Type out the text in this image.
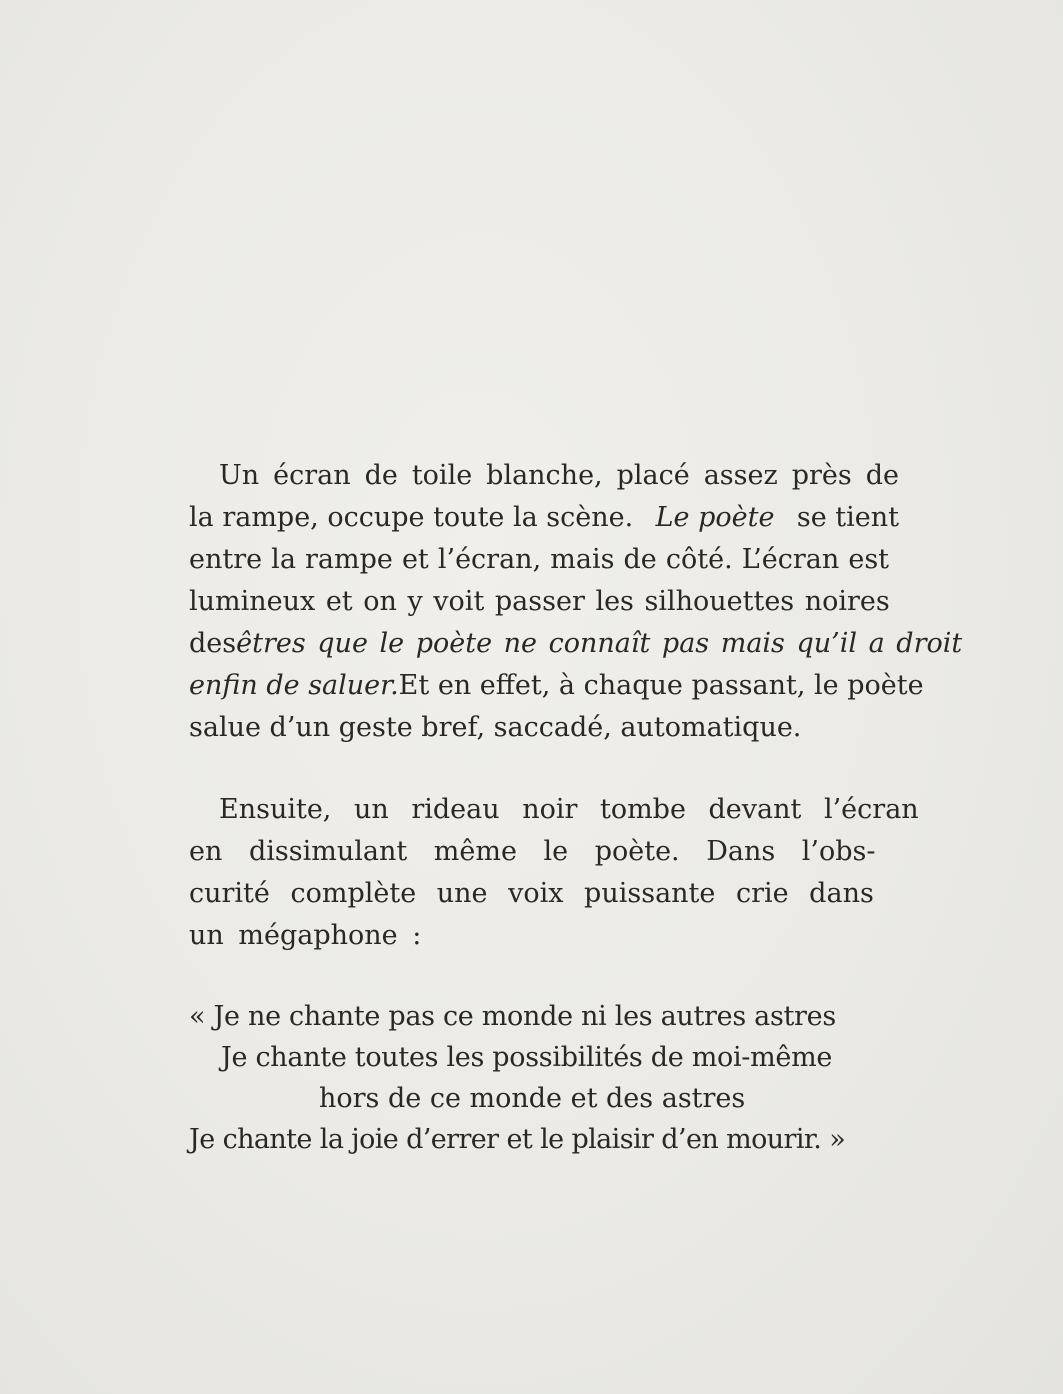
Un écran de toile blanche, placé assez près de
la rampe, occupe toute la scène. Le poète se tient
entre la rampe et l’écran, mais de côté. L’écran est
lumineux et on y voit passer les silhouettes noires
des êtres que le poète ne connaît pas mais qu’il a droit
enfin de saluer. Et en effet, à chaque passant, le poète
salue d’un geste bref, saccadé, automatique.
Ensuite, un rideau noir tombe devant l’écran
en dissimulant même le poète. Dans l’obs-
curité complète une voix puissante crie dans
un mégaphone :
« Je ne chante pas ce monde ni les autres astres
Je chante toutes les possibilités de moi-même
hors de ce monde et des astres
Je chante la joie d’errer et le plaisir d’en mourir. »
